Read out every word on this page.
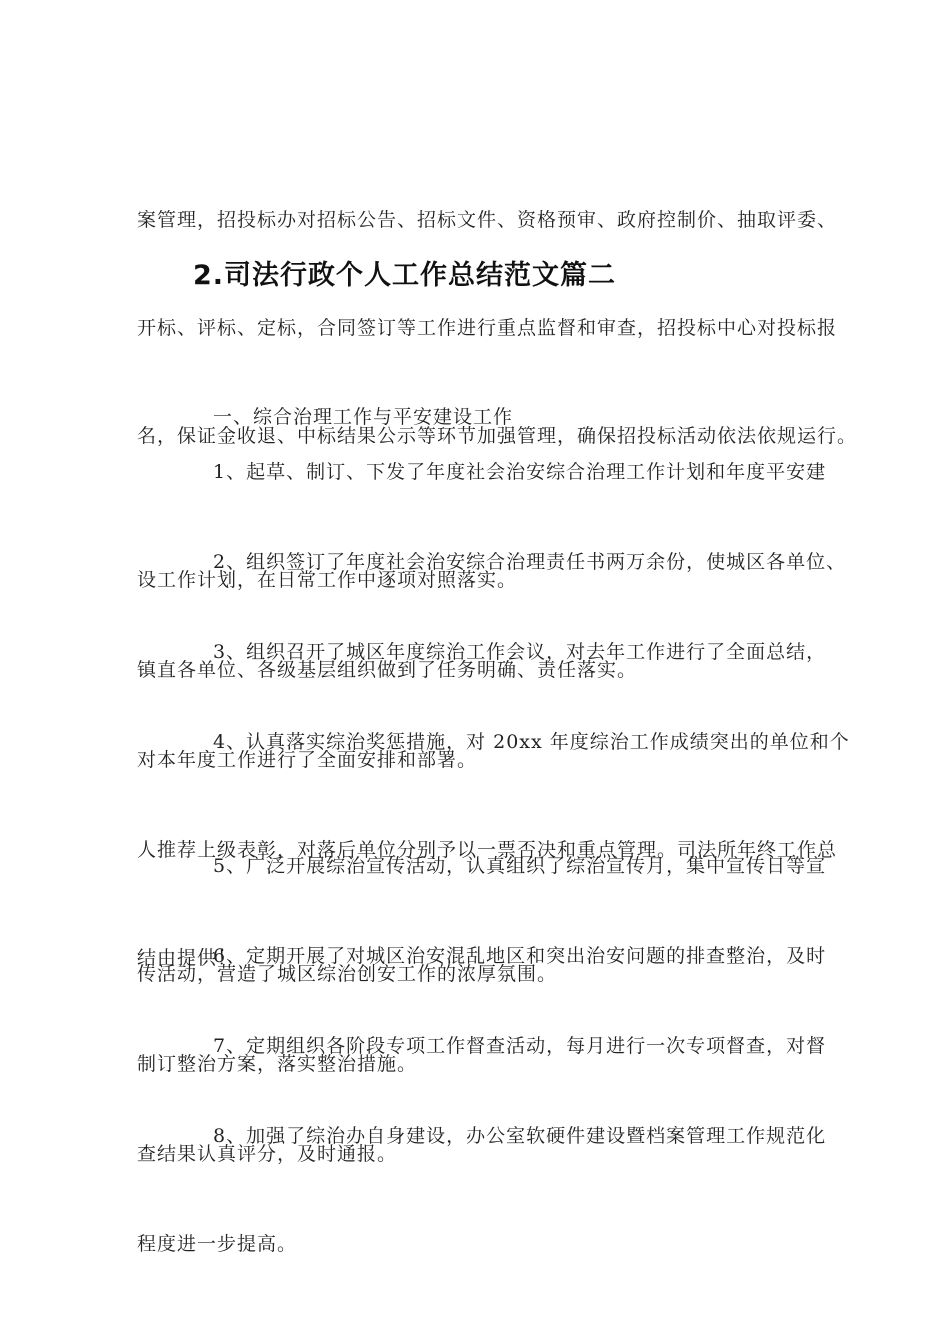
案管理，招投标办对招标公告、招标文件、资格预审、政府控制价、抽取评委、

开标、评标、定标，合同签订等工作进行重点监督和审查，招投标中心对投标报

名，保证金收退、中标结果公示等环节加强管理，确保招投标活动依法依规运行。

2.司法行政个人工作总结范文篇二

一、综合治理工作与平安建设工作

1、起草、制订、下发了年度社会治安综合治理工作计划和年度平安建

设工作计划，在日常工作中逐项对照落实。

2、组织签订了年度社会治安综合治理责任书两万余份，使城区各单位、

镇直各单位、各级基层组织做到了任务明确、责任落实。

3、组织召开了城区年度综治工作会议，对去年工作进行了全面总结，

对本年度工作进行了全面安排和部署。

4、认真落实综治奖惩措施，对 20xx 年度综治工作成绩突出的单位和个

人推荐上级表彰，对落后单位分别予以一票否决和重点管理。司法所年终工作总

结由提供！

5、广泛开展综治宣传活动，认真组织了综治宣传月，集中宣传日等宣

传活动，营造了城区综治创安工作的浓厚氛围。

6、定期开展了对城区治安混乱地区和突出治安问题的排查整治，及时

制订整治方案，落实整治措施。

7、定期组织各阶段专项工作督查活动，每月进行一次专项督查，对督

查结果认真评分，及时通报。

8、加强了综治办自身建设，办公室软硬件建设暨档案管理工作规范化

程度进一步提高。
